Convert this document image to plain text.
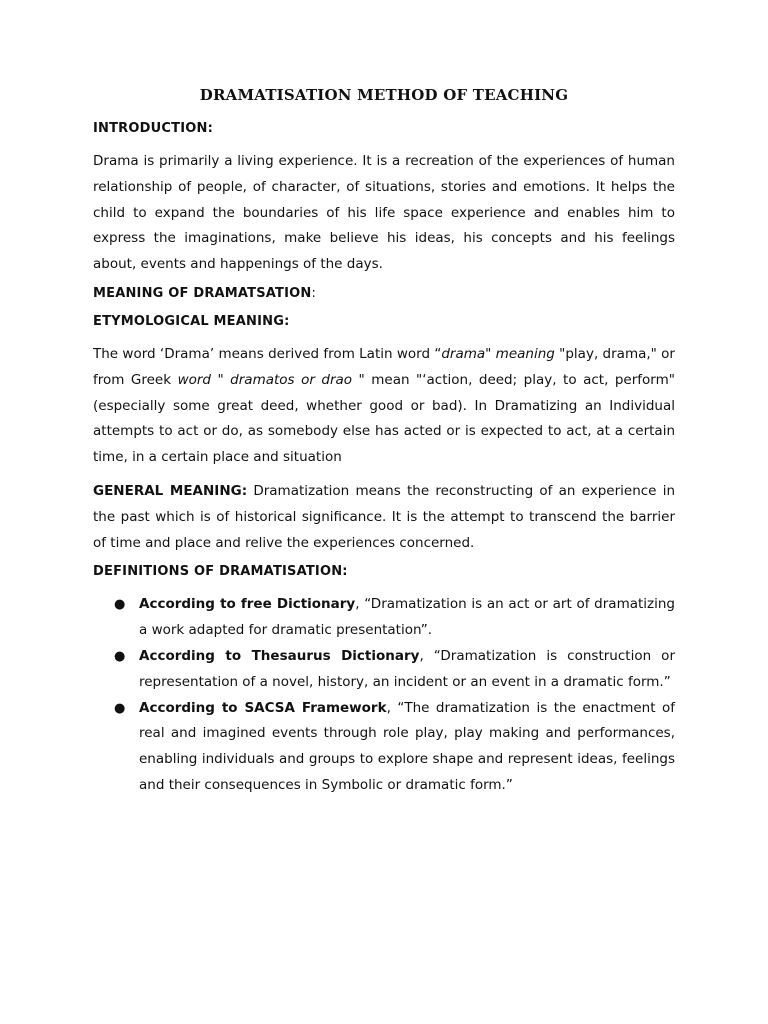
DRAMATISATION METHOD OF TEACHING
INTRODUCTION:

Drama is primarily a living experience. It is a recreation of the experiences of human relationship of people, of character, of situations, stories and emotions. It helps the child to expand the boundaries of his life space experience and enables him to express the imaginations, make believe his ideas, his concepts and his feelings about, events and happenings of the days.

MEANING OF DRAMATSATION:
ETYMOLOGICAL MEANING:

The word ‘Drama’ means derived from Latin word “drama" meaning "play, drama," or from Greek word " dramatos or drao " mean "‘action, deed; play, to act, perform" (especially some great deed, whether good or bad). In Dramatizing an Individual attempts to act or do, as somebody else has acted or is expected to act, at a certain time, in a certain place and situation

GENERAL MEANING: Dramatization means the reconstructing of an experience in the past which is of historical significance. It is the attempt to transcend the barrier of time and place and relive the experiences concerned.

DEFINITIONS OF DRAMATISATION:
● According to free Dictionary, “Dramatization is an act or art of dramatizing a work adapted for dramatic presentation”.
● According to Thesaurus Dictionary, “Dramatization is construction or representation of a novel, history, an incident or an event in a dramatic form.”
● According to SACSA Framework, “The dramatization is the enactment of real and imagined events through role play, play making and performances, enabling individuals and groups to explore shape and represent ideas, feelings and their consequences in Symbolic or dramatic form.”
